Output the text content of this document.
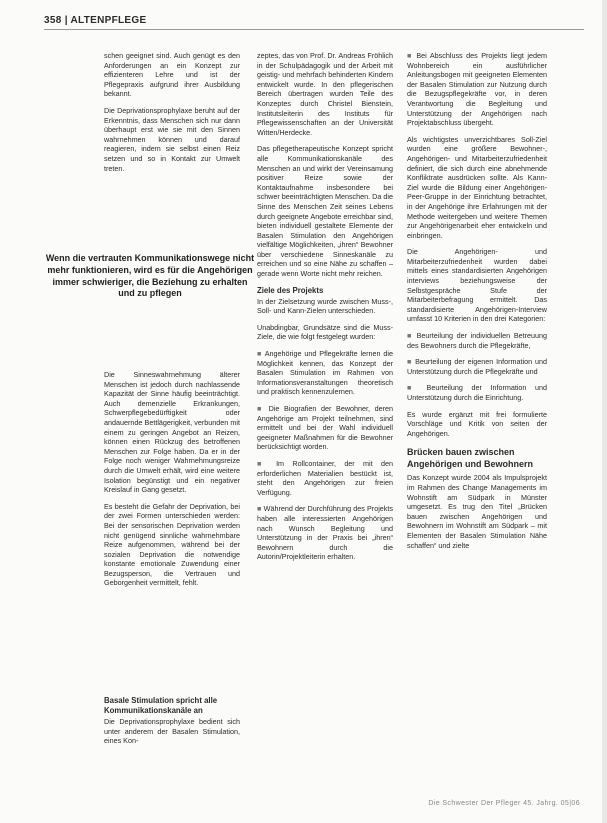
358 | ALTENPFLEGE

schen geeignet sind. Auch genügt es den Anforderungen an ein Konzept zur effizienteren Lehre und ist der Pflegepraxis aufgrund ihrer Ausbildung bekannt.

Die Deprivationsprophylaxe beruht auf der Erkenntnis, dass Menschen sich nur dann überhaupt erst wie sie mit den Sinnen wahrnehmen können und darauf reagieren, indem sie selbst einen Reiz setzen und so in Kontakt zur Umwelt treten.

Wenn die vertrauten Kommunikationswege nicht mehr funktionieren, wird es für die Angehörigen immer schwieriger, die Beziehung zu erhalten und zu pflegen

Die Sinneswahrnehmung älterer Menschen ist jedoch durch nachlassende Kapazität der Sinne häufig beeinträchtigt. Auch demenzielle Erkrankungen, Schwerpflegebedürftigkeit oder andauernde Bettlägerigkeit, verbunden mit einem zu geringen Angebot an Reizen, können einen Rückzug des betroffenen Menschen zur Folge haben. Da er in der Folge noch weniger Wahrnehmungsreize durch die Umwelt erhält, wird eine weitere Isolation begünstigt und ein negativer Kreislauf in Gang gesetzt.

Es besteht die Gefahr der Deprivation, bei der zwei Formen unterschieden werden: Bei der sensorischen Deprivation werden nicht genügend sinnliche wahrnehmbare Reize aufgenommen, während bei der sozialen Deprivation die notwendige konstante emotionale Zuwendung einer Bezugsperson, die Vertrauen und Geborgenheit vermittelt, fehlt.

Basale Stimulation spricht alle Kommunikationskanäle an

Die Deprivationsprophylaxe bedient sich unter anderem der Basalen Stimulation, eines Kon-

zeptes, das von Prof. Dr. Andreas Fröhlich in der Schulpädagogik und der Arbeit mit geistig- und mehrfach behinderten Kindern entwickelt wurde. In den pflegerischen Bereich übertragen wurden Teile des Konzeptes durch Christel Bienstein, Institutsleiterin des Instituts für Pflegewissenschaften an der Universität Witten/Herdecke.

Das pflegetherapeutische Konzept spricht alle Kommunikationskanäle des Menschen an und wirkt der Vereinsamung positiver Reize sowie der Kontaktaufnahme insbesondere bei schwer beeinträchtigten Menschen. Da die Sinne des Menschen Zeit seines Lebens durch geeignete Angebote erreichbar sind, bieten individuell gestaltete Elemente der Basalen Stimulation den Angehörigen vielfältige Möglichkeiten, „ihren“ Bewohner über verschiedene Sinneskanäle zu erreichen und so eine Nähe zu schaffen – gerade wenn Worte nicht mehr reichen.

Ziele des Projekts

In der Zielsetzung wurde zwischen Muss-, Soll- und Kann-Zielen unterschieden.

Unabdingbar, Grundsätze sind die Muss-Ziele, die wie folgt festgelegt wurden:

■ Angehörige und Pflegekräfte lernen die Möglichkeit kennen, das Konzept der Basalen Stimulation im Rahmen von Informationsveranstaltungen theoretisch und praktisch kennenzulernen.

■ Die Biografien der Bewohner, deren Angehörige am Projekt teilnehmen, sind ermittelt und bei der Wahl individuell geeigneter Maßnahmen für die Bewohner berücksichtigt worden.

■ Im Rollcontainer, der mit den erforderlichen Materialien bestückt ist, steht den Angehörigen zur freien Verfügung.

■ Während der Durchführung des Projekts haben alle interessierten Angehörigen nach Wunsch Begleitung und Unterstützung in der Praxis bei „ihren“ Bewohnern durch die Autorin/Projektleiterin erhalten.

■ Bei Abschluss des Projekts liegt jedem Wohnbereich ein ausführlicher Anleitungsbogen mit geeigneten Elementen der Basalen Stimulation zur Nutzung durch die Bezugspflegekräfte vor, in deren Verantwortung die Begleitung und Unterstützung der Angehörigen nach Projektabschluss übergeht.

Als wichtigstes unverzichtbares Soll-Ziel wurden eine größere Bewohner-, Angehörigen- und Mitarbeiterzufriedenheit definiert, die sich durch eine abnehmende Konfliktrate ausdrücken sollte. Als Kann-Ziel wurde die Bildung einer Angehörigen-Peer-Gruppe in der Einrichtung betrachtet, in der Angehörige ihre Erfahrungen mit der Methode weitergeben und weitere Themen zur Angehörigenarbeit eher entwickeln und einbringen.

Die Angehörigen- und Mitarbeiterzufriedenheit wurden dabei mittels eines standardisierten Angehörigen interviews beziehungsweise der Selbstgespräche Stufe der Mitarbeiterbefragung ermittelt. Das standardisierte Angehörigen-Interview umfasst 10 Kriterien in den drei Kategorien:

■ Beurteilung der individuellen Betreuung des Bewohners durch die Pflegekräfte,

■ Beurteilung der eigenen Information und Unterstützung durch die Pflegekräfte und

■ Beurteilung der Information und Unterstützung durch die Einrichtung.

Es wurde ergänzt mit frei formulierte Vorschläge und Kritik von seiten der Angehörigen.

Brücken bauen zwischen Angehörigen und Bewohnern

Das Konzept wurde 2004 als Impulsprojekt im Rahmen des Change Managements im Wohnstift am Südpark in Münster umgesetzt. Es trug den Titel „Brücken bauen zwischen Angehörigen und Bewohnern im Wohnstift am Südpark – mit Elementen der Basalen Stimulation Nähe schaffen“ und zielte

Die Schwester Der Pfleger 45. Jahrg. 05|06
